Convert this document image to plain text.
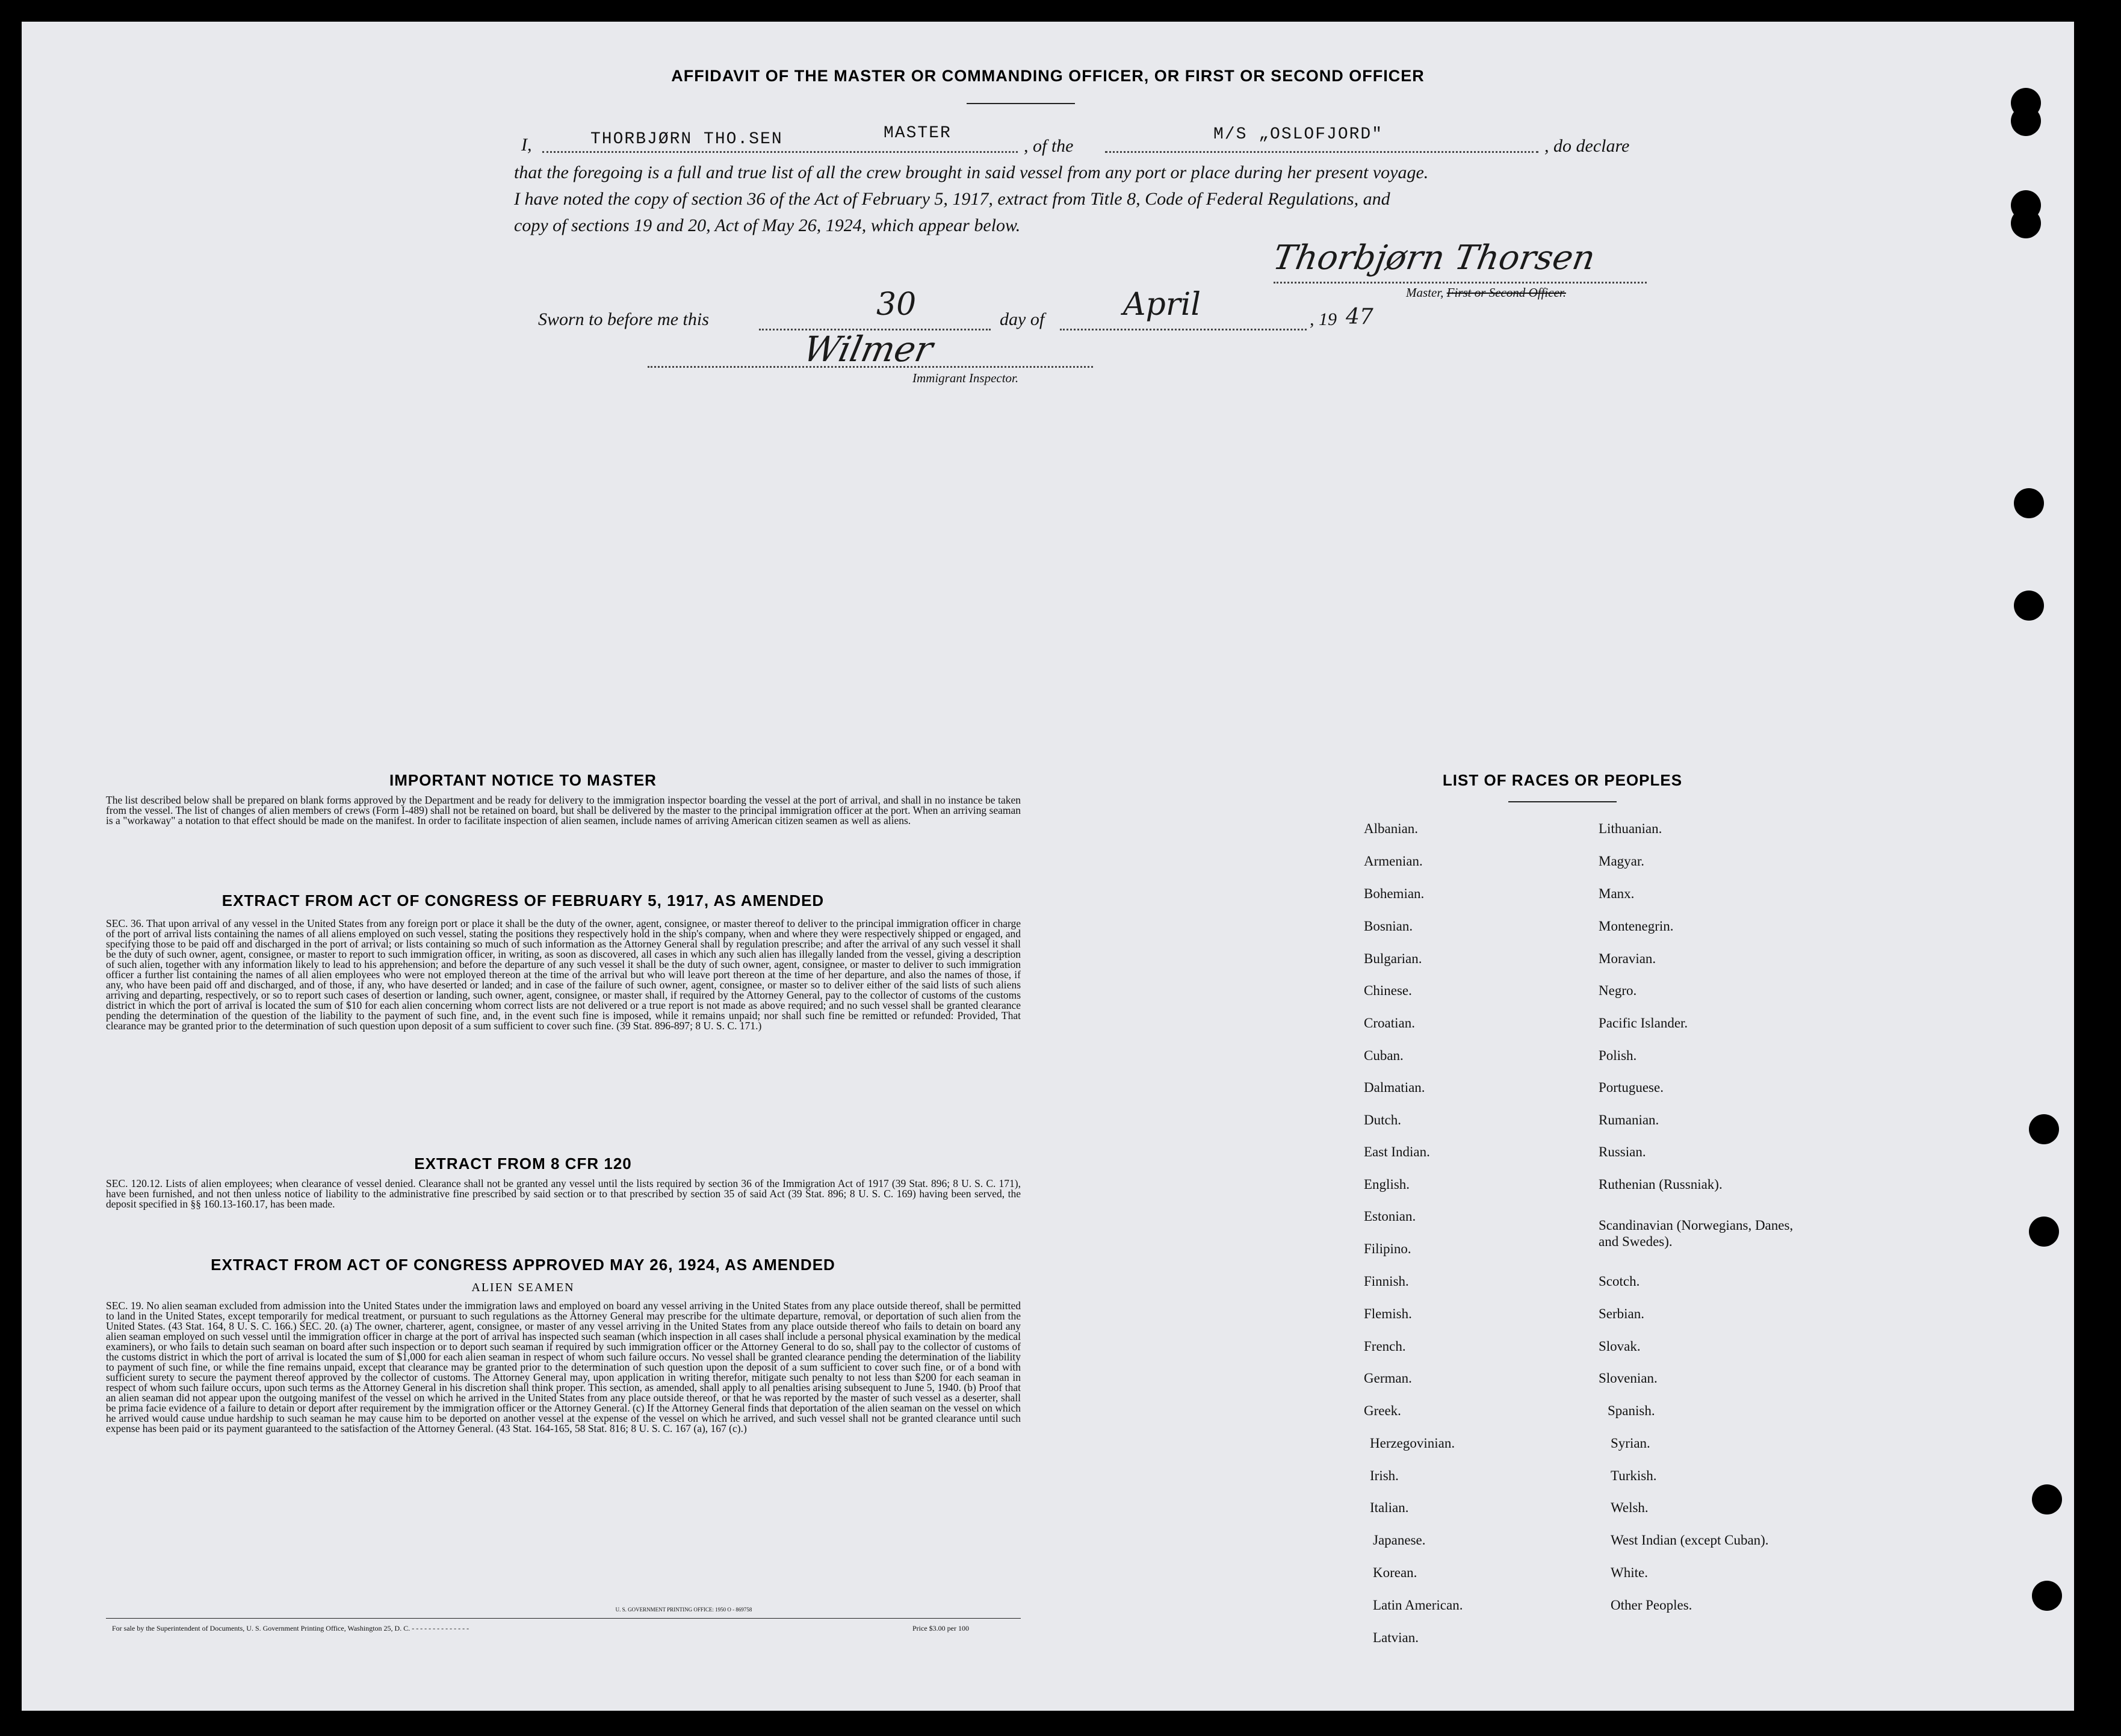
AFFIDAVIT OF THE MASTER OR COMMANDING OFFICER, OR FIRST OR SECOND OFFICER
I,	THORBJØRN THO.SEN	MASTER
, of the
M/S „OSLOFJORD"
, do declare
that the foregoing is a full and true list of all the crew brought in said vessel from any port or place during her present voyage.
I have noted the copy of section 36 of the Act of February 5, 1917, extract from Title 8, Code of Federal Regulations, and
copy of sections 19 and 20, Act of May 26, 1924, which appear below.
Thorbjørn Thorsen
Master, First or Second Officer.
Sworn to before me this	30	day of	April	, 19 47
Wilmer
Immigrant Inspector.
IMPORTANT NOTICE TO MASTER
The list described below shall be prepared on blank forms approved by the Department and be ready for delivery to the immigration inspector boarding the vessel at the port of arrival, and shall in no instance be taken from the vessel. The list of changes of alien members of crews (Form I-489) shall not be retained on board, but shall be delivered by the master to the principal immigration officer at the port. When an arriving seaman is a "workaway" a notation to that effect should be made on the manifest. In order to facilitate inspection of alien seamen, include names of arriving American citizen seamen as well as aliens.
EXTRACT FROM ACT OF CONGRESS OF FEBRUARY 5, 1917, AS AMENDED
SEC. 36. That upon arrival of any vessel in the United States from any foreign port or place it shall be the duty of the owner, agent, consignee, or master thereof to deliver to the principal immigration officer in charge of the port of arrival lists containing the names of all aliens employed on such vessel, stating the positions they respectively hold in the ship's company, when and where they were respectively shipped or engaged, and specifying those to be paid off and discharged in the port of arrival; or lists containing so much of such information as the Attorney General shall by regulation prescribe; and after the arrival of any such vessel it shall be the duty of such owner, agent, consignee, or master to report to such immigration officer, in writing, as soon as discovered, all cases in which any such alien has illegally landed from the vessel, giving a description of such alien, together with any information likely to lead to his apprehension; and before the departure of any such vessel it shall be the duty of such owner, agent, consignee, or master to deliver to such immigration officer a further list containing the names of all alien employees who were not employed thereon at the time of the arrival but who will leave port thereon at the time of her departure, and also the names of those, if any, who have been paid off and discharged, and of those, if any, who have deserted or landed; and in case of the failure of such owner, agent, consignee, or master so to deliver either of the said lists of such aliens arriving and departing, respectively, or so to report such cases of desertion or landing, such owner, agent, consignee, or master shall, if required by the Attorney General, pay to the collector of customs of the customs district in which the port of arrival is located the sum of $10 for each alien concerning whom correct lists are not delivered or a true report is not made as above required; and no such vessel shall be granted clearance pending the determination of the question of the liability to the payment of such fine, and, in the event such fine is imposed, while it remains unpaid; nor shall such fine be remitted or refunded: Provided, That clearance may be granted prior to the determination of such question upon deposit of a sum sufficient to cover such fine. (39 Stat. 896-897; 8 U. S. C. 171.)
EXTRACT FROM 8 CFR 120
SEC. 120.12. Lists of alien employees; when clearance of vessel denied. Clearance shall not be granted any vessel until the lists required by section 36 of the Immigration Act of 1917 (39 Stat. 896; 8 U. S. C. 171), have been furnished, and not then unless notice of liability to the administrative fine prescribed by said section or to that prescribed by section 35 of said Act (39 Stat. 896; 8 U. S. C. 169) having been served, the deposit specified in §§ 160.13-160.17, has been made.
EXTRACT FROM ACT OF CONGRESS APPROVED MAY 26, 1924, AS AMENDED
ALIEN SEAMEN
SEC. 19. No alien seaman excluded from admission into the United States under the immigration laws and employed on board any vessel arriving in the United States from any place outside thereof, shall be permitted to land in the United States, except temporarily for medical treatment, or pursuant to such regulations as the Attorney General may prescribe for the ultimate departure, removal, or deportation of such alien from the United States. (43 Stat. 164, 8 U. S. C. 166.) SEC. 20. (a) The owner, charterer, agent, consignee, or master of any vessel arriving in the United States from any place outside thereof who fails to detain on board any alien seaman employed on such vessel until the immigration officer in charge at the port of arrival has inspected such seaman (which inspection in all cases shall include a personal physical examination by the medical examiners), or who fails to detain such seaman on board after such inspection or to deport such seaman if required by such immigration officer or the Attorney General to do so, shall pay to the collector of customs of the customs district in which the port of arrival is located the sum of $1,000 for each alien seaman in respect of whom such failure occurs. No vessel shall be granted clearance pending the determination of the liability to payment of such fine, or while the fine remains unpaid, except that clearance may be granted prior to the determination of such question upon the deposit of a sum sufficient to cover such fine, or of a bond with sufficient surety to secure the payment thereof approved by the collector of customs. The Attorney General may, upon application in writing therefor, mitigate such penalty to not less than $200 for each seaman in respect of whom such failure occurs, upon such terms as the Attorney General in his discretion shall think proper. This section, as amended, shall apply to all penalties arising subsequent to June 5, 1940. (b) Proof that an alien seaman did not appear upon the outgoing manifest of the vessel on which he arrived in the United States from any place outside thereof, or that he was reported by the master of such vessel as a deserter, shall be prima facie evidence of a failure to detain or deport after requirement by the immigration officer or the Attorney General. (c) If the Attorney General finds that deportation of the alien seaman on the vessel on which he arrived would cause undue hardship to such seaman he may cause him to be deported on another vessel at the expense of the vessel on which he arrived, and such vessel shall not be granted clearance until such expense has been paid or its payment guaranteed to the satisfaction of the Attorney General. (43 Stat. 164-165, 58 Stat. 816; 8 U. S. C. 167 (a), 167 (c).)
U. S. GOVERNMENT PRINTING OFFICE: 1950 O - 869758
For sale by the Superintendent of Documents, U. S. Government Printing Office, Washington 25, D. C. - - - - - - - - - - - - - -	Price $3.00 per 100
LIST OF RACES OR PEOPLES
Albanian.
Armenian.
Bohemian.
Bosnian.
Bulgarian.
Chinese.
Croatian.
Cuban.
Dalmatian.
Dutch.
East Indian.
English.
Estonian.
Filipino.
Finnish.
Flemish.
French.
German.
Greek.
Herzegovinian.
Irish.
Italian.
Japanese.
Korean.
Latin American.
Latvian.
Lithuanian.
Magyar.
Manx.
Montenegrin.
Moravian.
Negro.
Pacific Islander.
Polish.
Portuguese.
Rumanian.
Russian.
Ruthenian (Russniak).
Scandinavian (Norwegians, Danes, and Swedes).
Scotch.
Serbian.
Slovak.
Slovenian.
Spanish.
Syrian.
Turkish.
Welsh.
West Indian (except Cuban).
White.
Other Peoples.
